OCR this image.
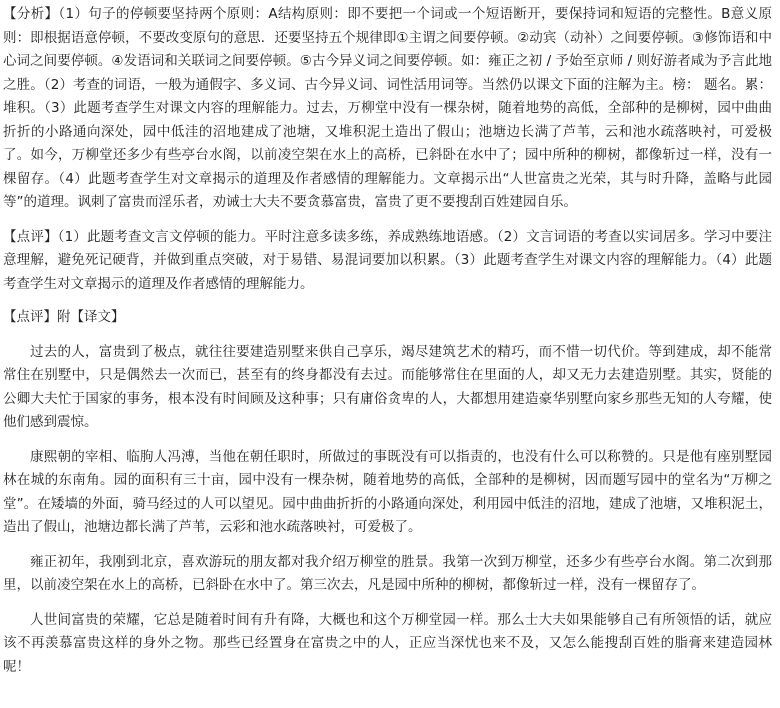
【分析】（1）句子的停顿要坚持两个原则：A结构原则：即不要把一个词或一个短语断开，要保持词和短语的完整性。B意义原则：即根据语意停顿，不要改变原句的意思．还要坚持五个规律即①主谓之间要停顿。②动宾（动补）之间要停顿。③修饰语和中心词之间要停顿。④发语词和关联词之间要停顿。⑤古今异义词之间要停顿。如：雍正之初 / 予始至京师 / 则好游者咸为予言此地之胜。（2）考查的词语，一般为通假字、多义词、古今异义词、词性活用词等。当然仍以课文下面的注解为主。榜： 题名。累：堆积。（3）此题考查学生对课文内容的理解能力。过去，万柳堂中没有一棵杂树，随着地势的高低，全部种的是柳树，园中曲曲折折的小路通向深处，园中低洼的沼地建成了池塘，又堆积泥土造出了假山；池塘边长满了芦苇，云和池水疏落映衬，可爱极了。如今，万柳堂还多少有些亭台水阁，以前凌空架在水上的高桥，已斜卧在水中了；园中所种的柳树，都像斩过一样，没有一棵留存。（4）此题考查学生对文章揭示的道理及作者感情的理解能力。文章揭示出“人世富贵之光荣，其与时升降，盖略与此园等”的道理。讽刺了富贵而淫乐者，劝诫士大夫不要贪慕富贵，富贵了更不要搜刮百姓建园自乐。

【点评】（1）此题考查文言文停顿的能力。平时注意多读多练，养成熟练地语感。（2）文言词语的考查以实词居多。学习中要注意理解，避免死记硬背，并做到重点突破，对于易错、易混词要加以积累。（3）此题考查学生对课文内容的理解能力。（4）此题考查学生对文章揭示的道理及作者感情的理解能力。

【点评】附【译文】

过去的人，富贵到了极点，就往往要建造别墅来供自己享乐，竭尽建筑艺术的精巧，而不惜一切代价。等到建成，却不能常常住在别墅中，只是偶然去一次而已，甚至有的终身都没有去过。而能够常住在里面的人，却又无力去建造别墅。其实，贤能的公卿大夫忙于国家的事务，根本没有时间顾及这种事；只有庸俗贪卑的人，大都想用建造豪华别墅向家乡那些无知的人夸耀，使他们感到震惊。

康熙朝的宰相、临朐人冯溥，当他在朝任职时，所做过的事既没有可以指责的，也没有什么可以称赞的。只是他有座别墅园林在城的东南角。园的面积有三十亩，园中没有一棵杂树，随着地势的高低，全部种的是柳树，因而题写园中的堂名为“万柳之堂”。在矮墙的外面，骑马经过的人可以望见。园中曲曲折折的小路通向深处，利用园中低洼的沼地，建成了池塘，又堆积泥土，造出了假山，池塘边都长满了芦苇，云彩和池水疏落映衬，可爱极了。

雍正初年，我刚到北京，喜欢游玩的朋友都对我介绍万柳堂的胜景。我第一次到万柳堂，还多少有些亭台水阁。第二次到那里，以前凌空架在水上的高桥，已斜卧在水中了。第三次去，凡是园中所种的柳树，都像斩过一样，没有一棵留存了。

人世间富贵的荣耀，它总是随着时间有升有降，大概也和这个万柳堂园一样。那么士大夫如果能够自己有所领悟的话，就应该不再羡慕富贵这样的身外之物。那些已经置身在富贵之中的人，正应当深忧也来不及，又怎么能搜刮百姓的脂膏来建造园林呢！
